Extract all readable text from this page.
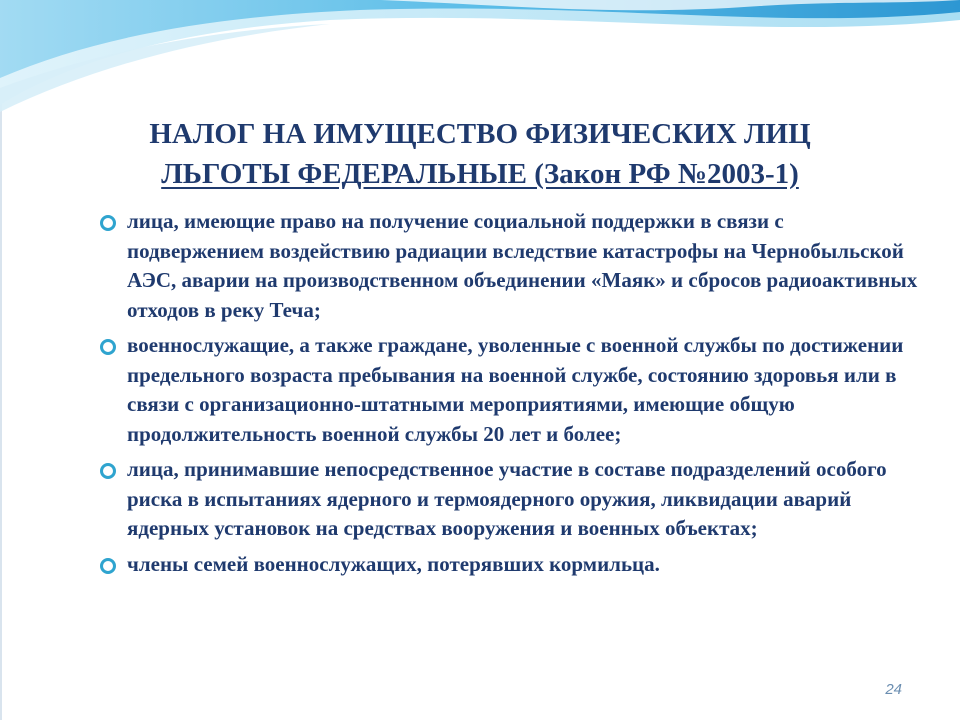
НАЛОГ НА ИМУЩЕСТВО ФИЗИЧЕСКИХ ЛИЦ
ЛЬГОТЫ ФЕДЕРАЛЬНЫЕ (Закон РФ №2003-1)
лица, имеющие право на получение социальной поддержки в связи с подвержением воздействию радиации вследствие катастрофы на Чернобыльской АЭС, аварии на производственном объединении «Маяк» и сбросов радиоактивных отходов в реку Теча;
военнослужащие, а также граждане, уволенные с военной службы по достижении предельного возраста пребывания на военной службе, состоянию здоровья или в связи с организационно-штатными мероприятиями, имеющие общую продолжительность военной службы 20 лет и более;
лица, принимавшие непосредственное участие в составе подразделений особого риска в испытаниях ядерного и термоядерного оружия, ликвидации аварий ядерных установок на средствах вооружения и военных объектах;
члены семей военнослужащих, потерявших кормильца.
24
